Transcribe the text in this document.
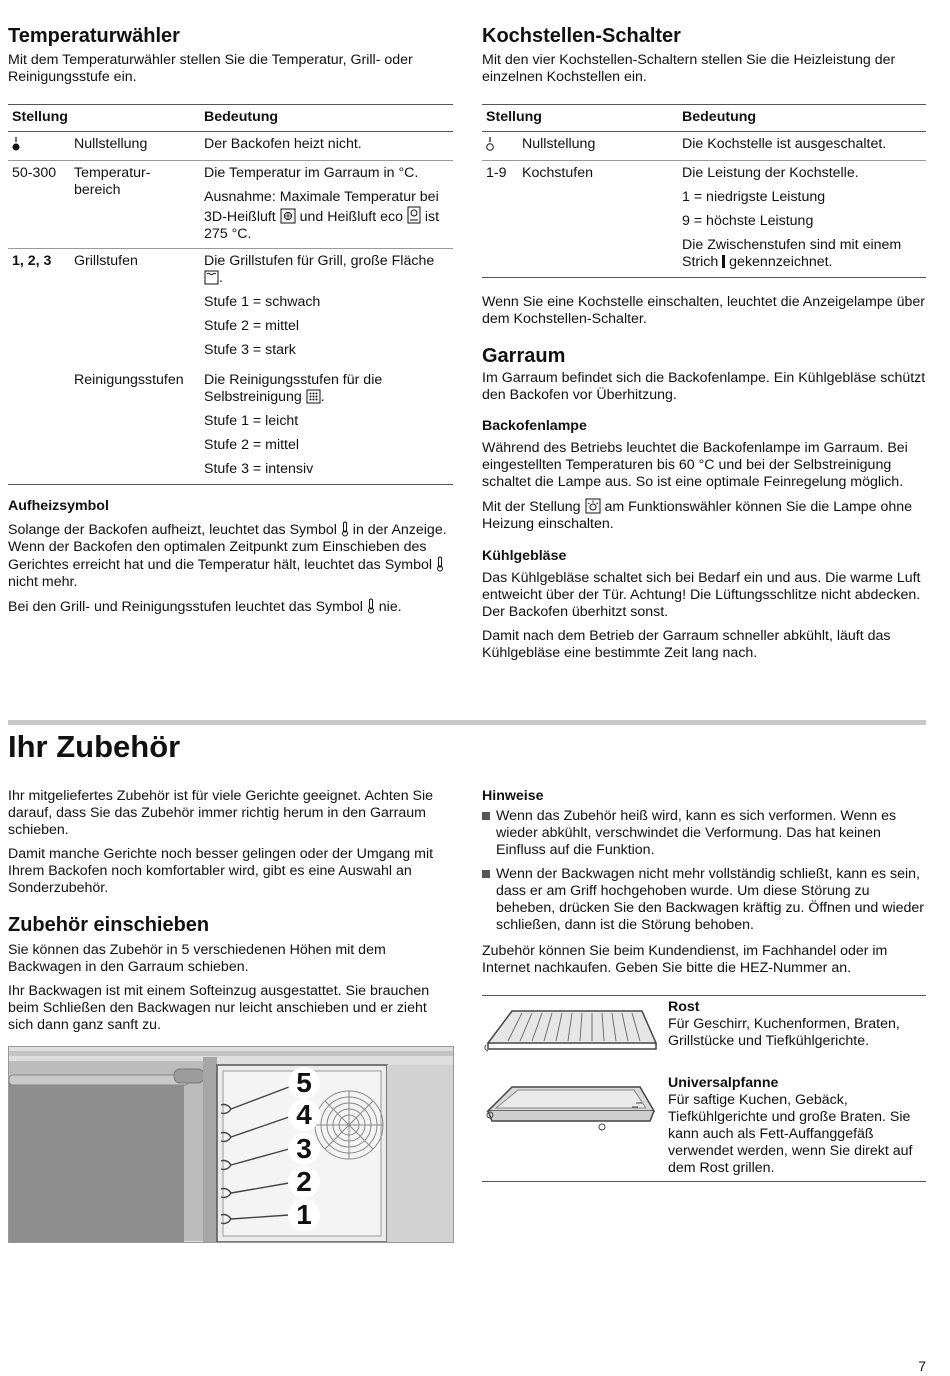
Temperaturwähler

Mit dem Temperaturwähler stellen Sie die Temperatur, Grill- oder Reinigungsstufe ein.

Stellung		Bedeutung
	Nullstellung	Der Backofen heizt nicht.
50-300	Temperatur-bereich	Die Temperatur im Garraum in °C.
Ausnahme: Maximale Temperatur bei 3D-Heißluft und Heißluft eco ist 275 °C.

1, 2, 3	Grillstufen	Die Grillstufen für Grill, große Fläche .
Stufe 1 = schwach
Stufe 2 = mittel
Stufe 3 = stark

	Reinigungsstufen	Die Reinigungsstufen für die Selbstreinigung .
Stufe 1 = leicht
Stufe 2 = mittel
Stufe 3 = intensiv
Aufheizsymbol

Solange der Backofen aufheizt, leuchtet das Symbol in der Anzeige. Wenn der Backofen den optimalen Zeitpunkt zum Einschieben des Gerichtes erreicht hat und die Temperatur hält, leuchtet das Symbol  nicht mehr.

Bei den Grill- und Reinigungsstufen leuchtet das Symbol nie.

Kochstellen-Schalter

Mit den vier Kochstellen-Schaltern stellen Sie die Heizleistung der einzelnen Kochstellen ein.

Stellung		Bedeutung
	Nullstellung	Die Kochstelle ist ausgeschaltet.
1-9	Kochstufen	Die Leistung der Kochstelle.
1 = niedrigste Leistung
9 = höchste Leistung
Die Zwischenstufen sind mit einem Strich gekennzeichnet.

Wenn Sie eine Kochstelle einschalten, leuchtet die Anzeigelampe über dem Kochstellen-Schalter.

Garraum

Im Garraum befindet sich die Backofenlampe. Ein Kühlgebläse schützt den Backofen vor Überhitzung.

Backofenlampe

Während des Betriebs leuchtet die Backofenlampe im Garraum. Bei eingestellten Temperaturen bis 60 °C und bei der Selbstreinigung schaltet die Lampe aus. So ist eine optimale Feinregelung möglich.

Mit der Stellung am Funktionswähler können Sie die Lampe ohne Heizung einschalten.

Kühlgebläse

Das Kühlgebläse schaltet sich bei Bedarf ein und aus. Die warme Luft entweicht über der Tür. Achtung! Die Lüftungsschlitze nicht abdecken. Der Backofen überhitzt sonst.

Damit nach dem Betrieb der Garraum schneller abkühlt, läuft das Kühlgebläse eine bestimmte Zeit lang nach.

Ihr Zubehör

Ihr mitgeliefertes Zubehör ist für viele Gerichte geeignet. Achten Sie darauf, dass Sie das Zubehör immer richtig herum in den Garraum schieben.

Damit manche Gerichte noch besser gelingen oder der Umgang mit Ihrem Backofen noch komfortabler wird, gibt es eine Auswahl an Sonderzubehör.

Zubehör einschieben

Sie können das Zubehör in 5 verschiedenen Höhen mit dem Backwagen in den Garraum schieben.

Ihr Backwagen ist mit einem Softeinzug ausgestattet. Sie brauchen beim Schließen den Backwagen nur leicht anschieben und er zieht sich dann ganz sanft zu.

5
4
3
2
1
Hinweise
Wenn das Zubehör heiß wird, kann es sich verformen. Wenn es wieder abkühlt, verschwindet die Verformung. Das hat keinen Einfluss auf die Funktion.
Wenn der Backwagen nicht mehr vollständig schließt, kann es sein, dass er am Griff hochgehoben wurde. Um diese Störung zu beheben, drücken Sie den Backwagen kräftig zu. Öffnen und wieder schließen, dann ist die Störung behoben.

Zubehör können Sie beim Kundendienst, im Fachhandel oder im Internet nachkaufen. Geben Sie bitte die HEZ-Nummer an.

Rost
Für Geschirr, Kuchenformen, Braten, Grillstücke und Tiefkühlgerichte.
Universalpfanne
Für saftige Kuchen, Gebäck, Tiefkühlgerichte und große Braten. Sie kann auch als Fett-Auffanggefäß verwendet werden, wenn Sie direkt auf dem Rost grillen.
7
